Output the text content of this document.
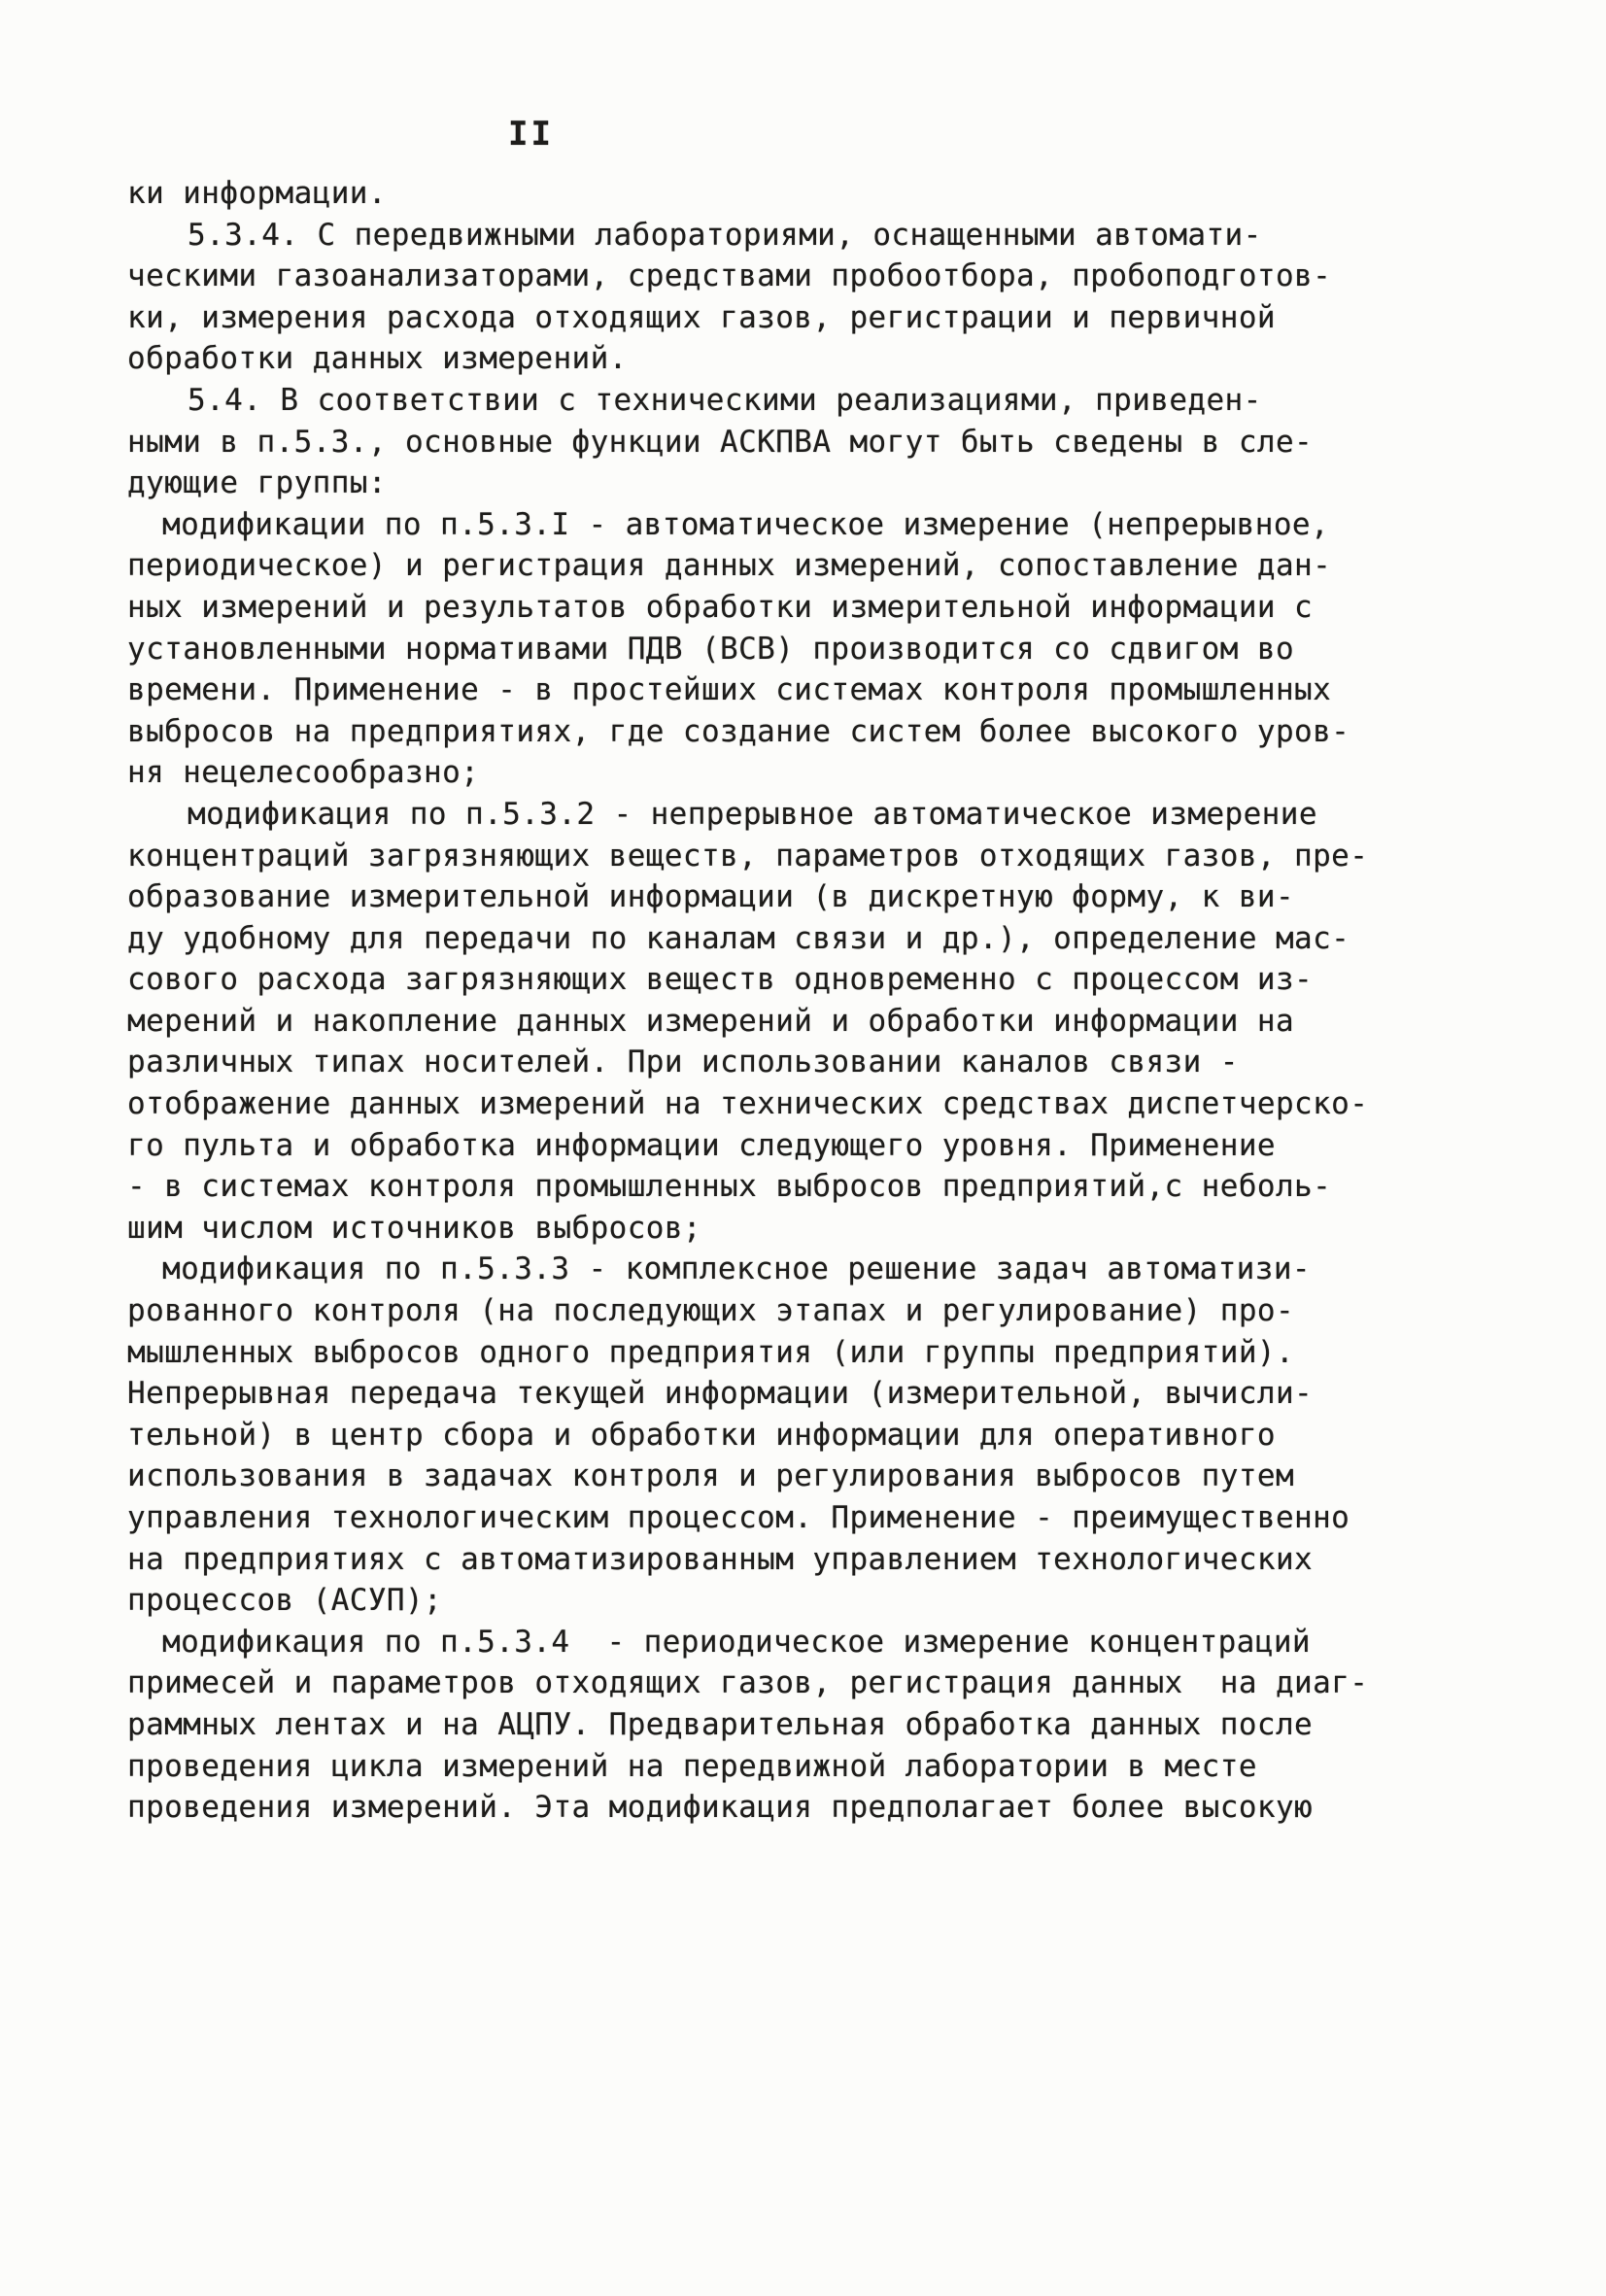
II
ки информации.
5.3.4. С передвижными лабораториями, оснащенными автомати-
ческими газоанализаторами, средствами пробоотбора, пробоподготов-
ки, измерения расхода отходящих газов, регистрации и первичной
обработки данных измерений.
5.4. В соответствии с техническими реализациями, приведен-
ными в п.5.3., основные функции АСКПВА могут быть сведены в сле-
дующие группы:
модификации по п.5.3.I - автоматическое измерение (непрерывное,
периодическое) и регистрация данных измерений, сопоставление дан-
ных измерений и результатов обработки измерительной информации с
установленными нормативами ПДВ (ВСВ) производится со сдвигом во
времени. Применение - в простейших системах контроля промышленных
выбросов на предприятиях, где создание систем более высокого уров-
ня нецелесообразно;
модификация по п.5.3.2 - непрерывное автоматическое измерение
концентраций загрязняющих веществ, параметров отходящих газов, пре-
образование измерительной информации (в дискретную форму, к ви-
ду удобному для передачи по каналам связи и др.), определение мас-
сового расхода загрязняющих веществ одновременно с процессом из-
мерений и накопление данных измерений и обработки информации на
различных типах носителей. При использовании каналов связи -
отображение данных измерений на технических средствах диспетчерско-
го пульта и обработка информации следующего уровня. Применение
- в системах контроля промышленных выбросов предприятий,с неболь-
шим числом источников выбросов;
модификация по п.5.3.3 - комплексное решение задач автоматизи-
рованного контроля (на последующих этапах и регулирование) про-
мышленных выбросов одного предприятия (или группы предприятий).
Непрерывная передача текущей информации (измерительной, вычисли-
тельной) в центр сбора и обработки информации для оперативного
использования в задачах контроля и регулирования выбросов путем
управления технологическим процессом. Применение - преимущественно
на предприятиях с автоматизированным управлением технологических
процессов (АСУП);
модификация по п.5.3.4  - периодическое измерение концентраций
примесей и параметров отходящих газов, регистрация данных  на диаг-
раммных лентах и на АЦПУ. Предварительная обработка данных после
проведения цикла измерений на передвижной лаборатории в месте
проведения измерений. Эта модификация предполагает более высокую
